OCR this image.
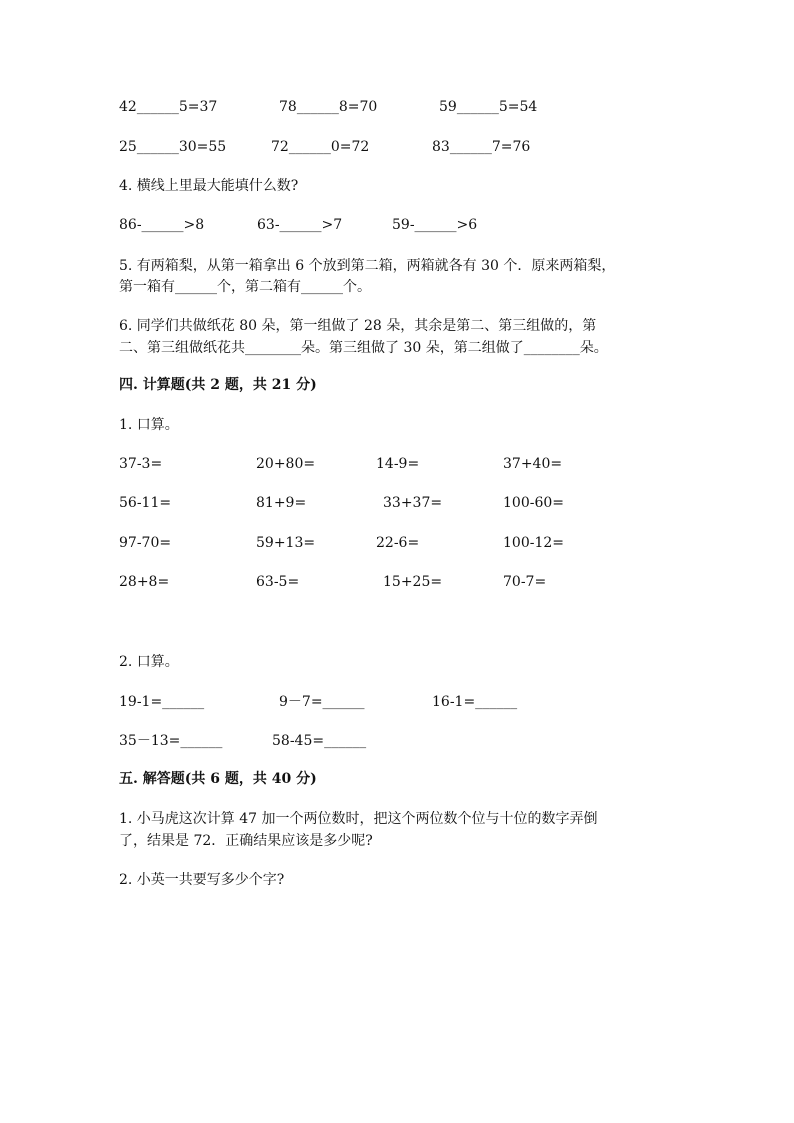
42______5=37	78______8=70	59______5=54
25______30=55	72______0=72	83______7=76
4. 横线上里最大能填什么数?
86-______>8	63-______>7	59-______>6
5. 有两箱梨，从第一箱拿出 6 个放到第二箱，两箱就各有 30 个．原来两箱梨，
第一箱有______个，第二箱有______个。
6. 同学们共做纸花 80 朵，第一组做了 28 朵，其余是第二、第三组做的，第
二、第三组做纸花共________朵。第三组做了 30 朵，第二组做了________朵。
四. 计算题(共 2 题，共 21 分)
1. 口算。
37-3=	20+80=	14-9=	37+40=
56-11=	81+9=	33+37=	100-60=
97-70=	59+13=	22-6=	100-12=
28+8=	63-5=	15+25=	70-7=
2. 口算。
19-1=______	9－7=______	16-1=______
35－13=______	58-45=______
五. 解答题(共 6 题，共 40 分)
1. 小马虎这次计算 47 加一个两位数时，把这个两位数个位与十位的数字弄倒
了，结果是 72．正确结果应该是多少呢?
2. 小英一共要写多少个字?
